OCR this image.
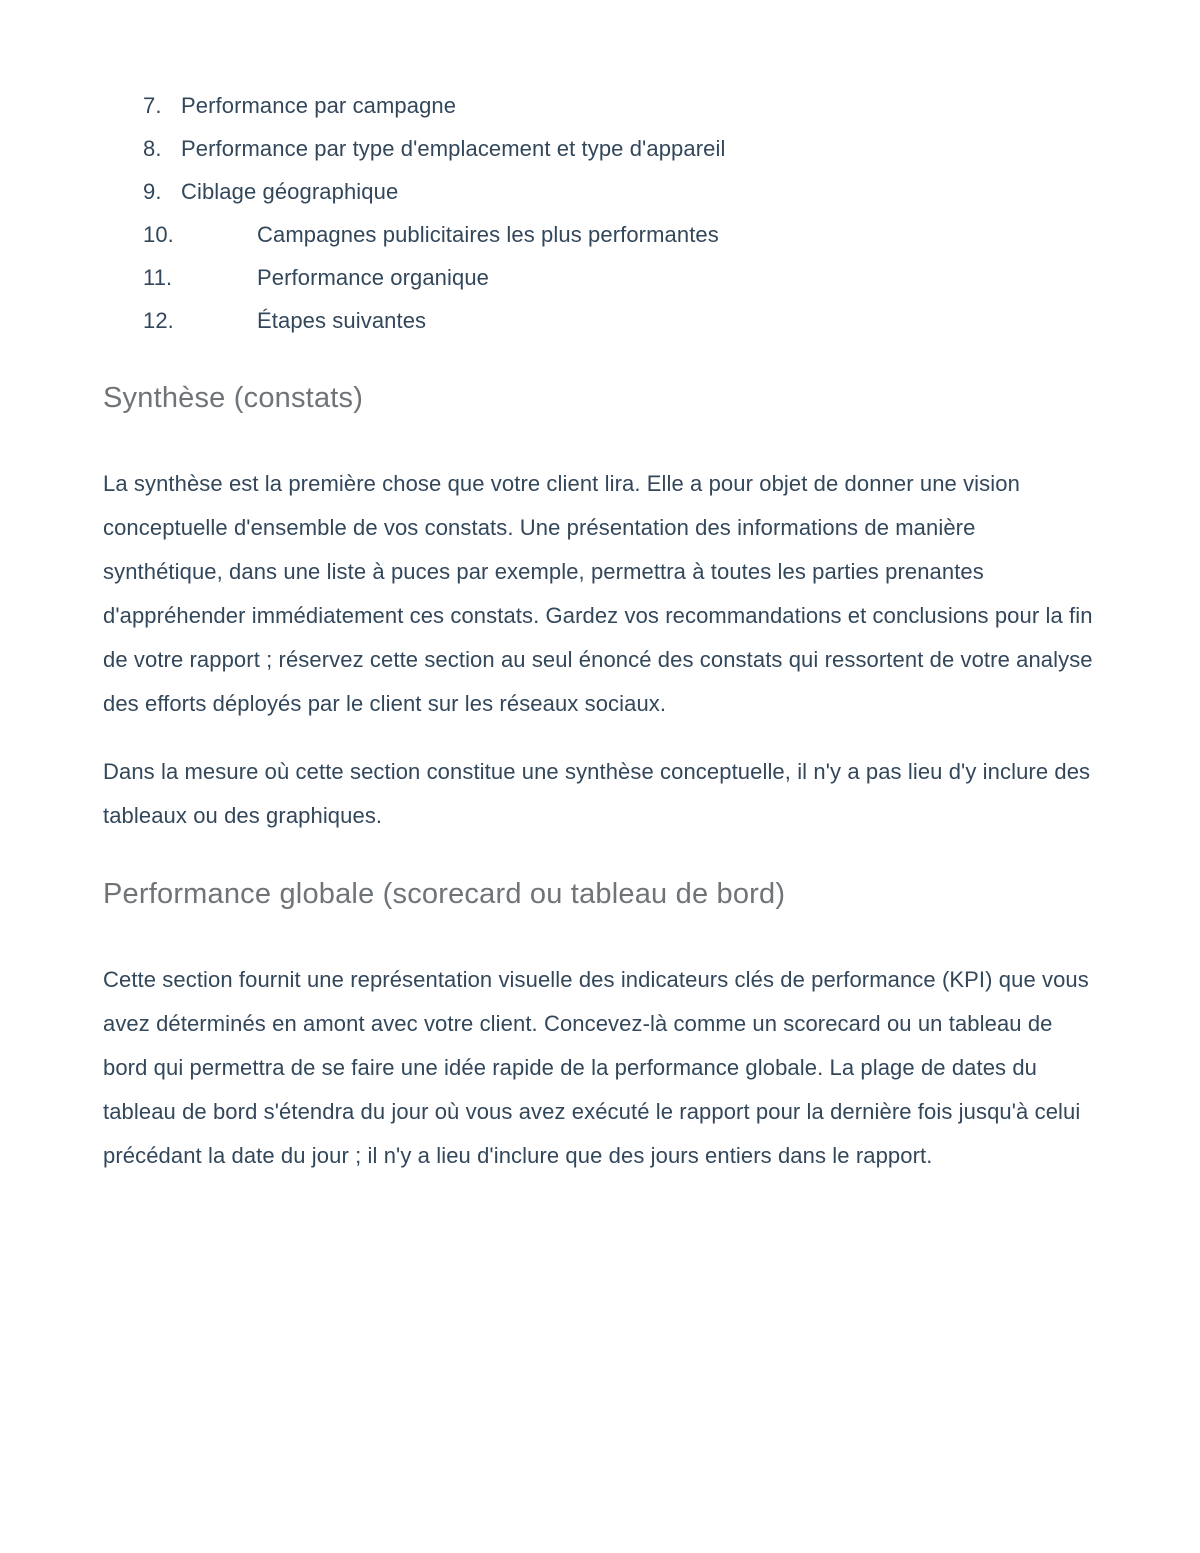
7. Performance par campagne
8. Performance par type d'emplacement et type d'appareil
9. Ciblage géographique
10.	Campagnes publicitaires les plus performantes
11.	Performance organique
12.	Étapes suivantes
Synthèse (constats)

La synthèse est la première chose que votre client lira. Elle a pour objet de donner une vision conceptuelle d'ensemble de vos constats. Une présentation des informations de manière synthétique, dans une liste à puces par exemple, permettra à toutes les parties prenantes d'appréhender immédiatement ces constats. Gardez vos recommandations et conclusions pour la fin de votre rapport ; réservez cette section au seul énoncé des constats qui ressortent de votre analyse des efforts déployés par le client sur les réseaux sociaux.

Dans la mesure où cette section constitue une synthèse conceptuelle, il n'y a pas lieu d'y inclure des tableaux ou des graphiques.

Performance globale (scorecard ou tableau de bord)

Cette section fournit une représentation visuelle des indicateurs clés de performance (KPI) que vous avez déterminés en amont avec votre client. Concevez-là comme un scorecard ou un tableau de bord qui permettra de se faire une idée rapide de la performance globale. La plage de dates du tableau de bord s'étendra du jour où vous avez exécuté le rapport pour la dernière fois jusqu'à celui précédant la date du jour ; il n'y a lieu d'inclure que des jours entiers dans le rapport.
